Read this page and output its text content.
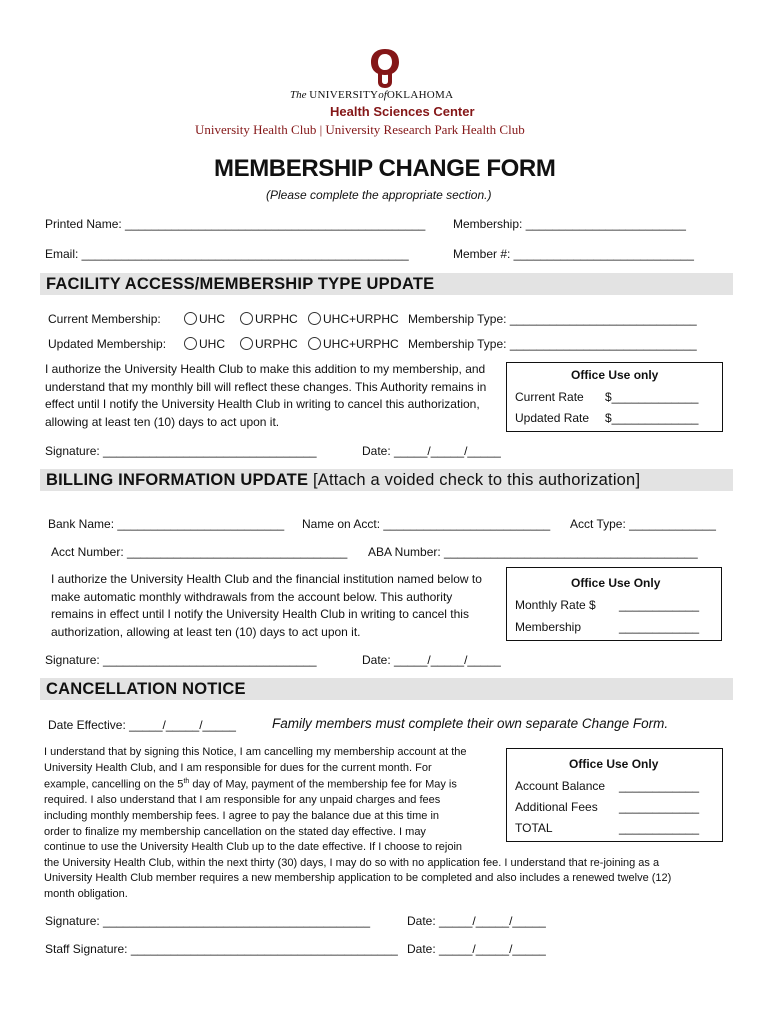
The UNIVERSITYofOKLAHOMA
Health Sciences Center
University Health Club | University Research Park Health Club
MEMBERSHIP CHANGE FORM
(Please complete the appropriate section.)
Printed Name: _____________________________________________ Membership: ________________________
Email: _________________________________________________	Member #: ___________________________
FACILITY ACCESS/MEMBERSHIP TYPE UPDATE
Current Membership:	UHC	URPHC	UHC+URPHC Membership Type: ____________________________
Updated Membership:	UHC	URPHC	UHC+URPHC Membership Type: ____________________________
I authorize the University Health Club to make this addition to my membership, and understand that my monthly bill will reflect these changes. This Authority remains in effect until I notify the University Health Club in writing to cancel this authorization, allowing at least ten (10) days to act upon it.
Office Use only
Current Rate $_____________
Updated Rate $_____________
Signature: ________________________________	Date: _____/_____/_____
BILLING INFORMATION UPDATE [Attach a voided check to this authorization]
Bank Name: _________________________ Name on Acct: _________________________ Acct Type: _____________
Acct Number: _________________________________ ABA Number: ______________________________________
I authorize the University Health Club and the financial institution named below to make automatic monthly withdrawals from the account below. This authority remains in effect until I notify the University Health Club in writing to cancel this authorization, allowing at least ten (10) days to act upon it.
Office Use Only
Monthly Rate $ ____________
Membership	____________
Signature: ________________________________	Date: _____/_____/_____
CANCELLATION NOTICE
Date Effective: _____/_____/_____	Family members must complete their own separate Change Form.
I understand that by signing this Notice, I am cancelling my membership account at the
University Health Club, and I am responsible for dues for the current month. For
example, cancelling on the 5th day of May, payment of the membership fee for May is
required. I also understand that I am responsible for any unpaid charges and fees
including monthly membership fees. I agree to pay the balance due at this time in
order to finalize my membership cancellation on the stated day effective. I may
continue to use the University Health Club up to the date effective. If I choose to rejoin
the University Health Club, within the next thirty (30) days, I may do so with no application fee. I understand that re-joining as a
University Health Club member requires a new membership application to be completed and also includes a renewed twelve (12)
month obligation.
Office Use Only
Account Balance ____________
Additional Fees ____________
TOTAL	____________
Signature: ________________________________________	Date: _____/_____/_____
Staff Signature: ________________________________________ Date: _____/_____/_____
